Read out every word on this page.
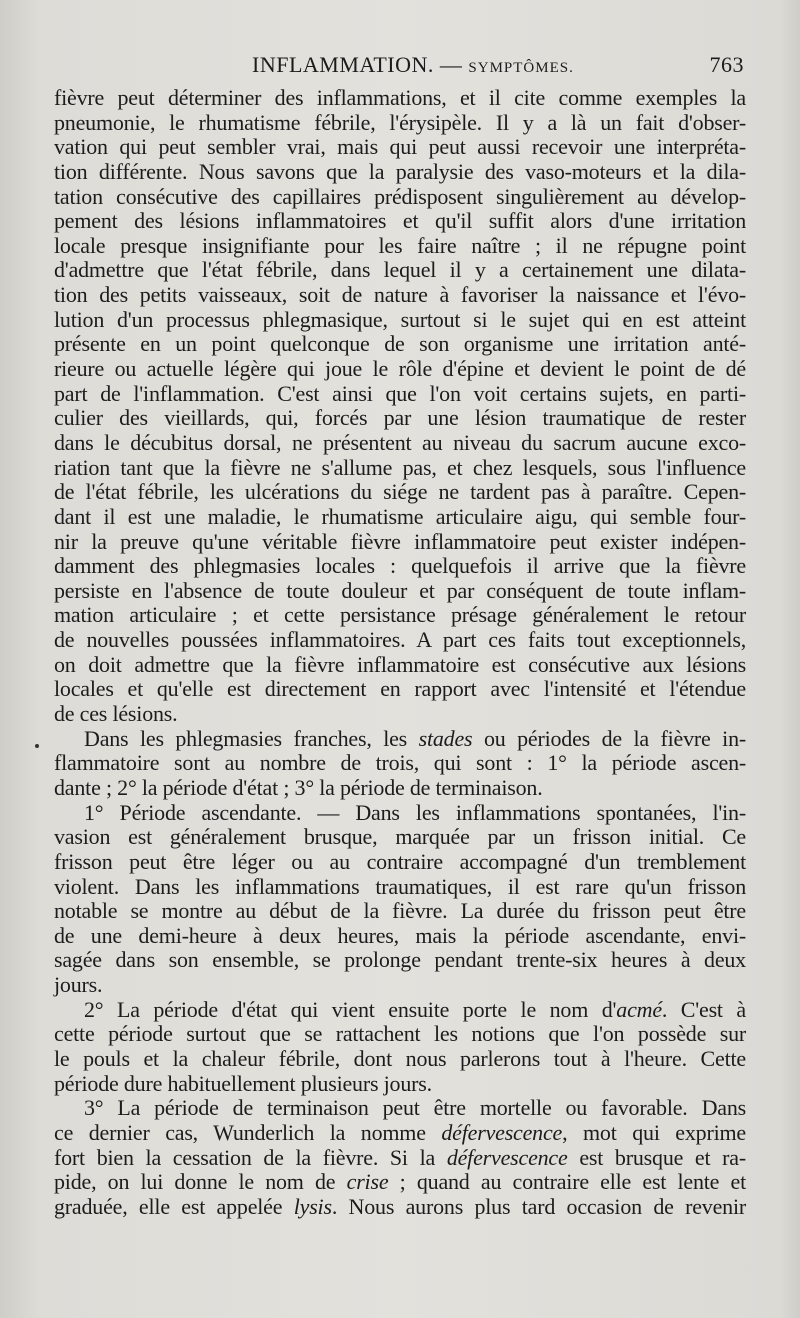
INFLAMMATION. — SYMPTÔMES.	763
fièvre peut déterminer des inflammations, et il cite comme exemples la
pneumonie, le rhumatisme fébrile, l'érysipèle. Il y a là un fait d'obser-
vation qui peut sembler vrai, mais qui peut aussi recevoir une interpréta-
tion différente. Nous savons que la paralysie des vaso-moteurs et la dila-
tation consécutive des capillaires prédisposent singulièrement au dévelop-
pement des lésions inflammatoires et qu'il suffit alors d'une irritation
locale presque insignifiante pour les faire naître ; il ne répugne point
d'admettre que l'état fébrile, dans lequel il y a certainement une dilata-
tion des petits vaisseaux, soit de nature à favoriser la naissance et l'évo-
lution d'un processus phlegmasique, surtout si le sujet qui en est atteint
présente en un point quelconque de son organisme une irritation anté-
rieure ou actuelle légère qui joue le rôle d'épine et devient le point de dé
part de l'inflammation. C'est ainsi que l'on voit certains sujets, en parti-
culier des vieillards, qui, forcés par une lésion traumatique de rester
dans le décubitus dorsal, ne présentent au niveau du sacrum aucune exco-
riation tant que la fièvre ne s'allume pas, et chez lesquels, sous l'influence
de l'état fébrile, les ulcérations du siége ne tardent pas à paraître. Cepen-
dant il est une maladie, le rhumatisme articulaire aigu, qui semble four-
nir la preuve qu'une véritable fièvre inflammatoire peut exister indépen-
damment des phlegmasies locales : quelquefois il arrive que la fièvre
persiste en l'absence de toute douleur et par conséquent de toute inflam-
mation articulaire ; et cette persistance présage généralement le retour
de nouvelles poussées inflammatoires. A part ces faits tout exceptionnels,
on doit admettre que la fièvre inflammatoire est consécutive aux lésions
locales et qu'elle est directement en rapport avec l'intensité et l'étendue
de ces lésions.
Dans les phlegmasies franches, les stades ou périodes de la fièvre in-
flammatoire sont au nombre de trois, qui sont : 1° la période ascen-
dante ; 2° la période d'état ; 3° la période de terminaison.
1° Période ascendante. — Dans les inflammations spontanées, l'in-
vasion est généralement brusque, marquée par un frisson initial. Ce
frisson peut être léger ou au contraire accompagné d'un tremblement
violent. Dans les inflammations traumatiques, il est rare qu'un frisson
notable se montre au début de la fièvre. La durée du frisson peut être
de une demi-heure à deux heures, mais la période ascendante, envi-
sagée dans son ensemble, se prolonge pendant trente-six heures à deux
jours.
2° La période d'état qui vient ensuite porte le nom d'acmé. C'est à
cette période surtout que se rattachent les notions que l'on possède sur
le pouls et la chaleur fébrile, dont nous parlerons tout à l'heure. Cette
période dure habituellement plusieurs jours.
3° La période de terminaison peut être mortelle ou favorable. Dans
ce dernier cas, Wunderlich la nomme défervescence, mot qui exprime
fort bien la cessation de la fièvre. Si la défervescence est brusque et ra-
pide, on lui donne le nom de crise ; quand au contraire elle est lente et
graduée, elle est appelée lysis. Nous aurons plus tard occasion de revenir
